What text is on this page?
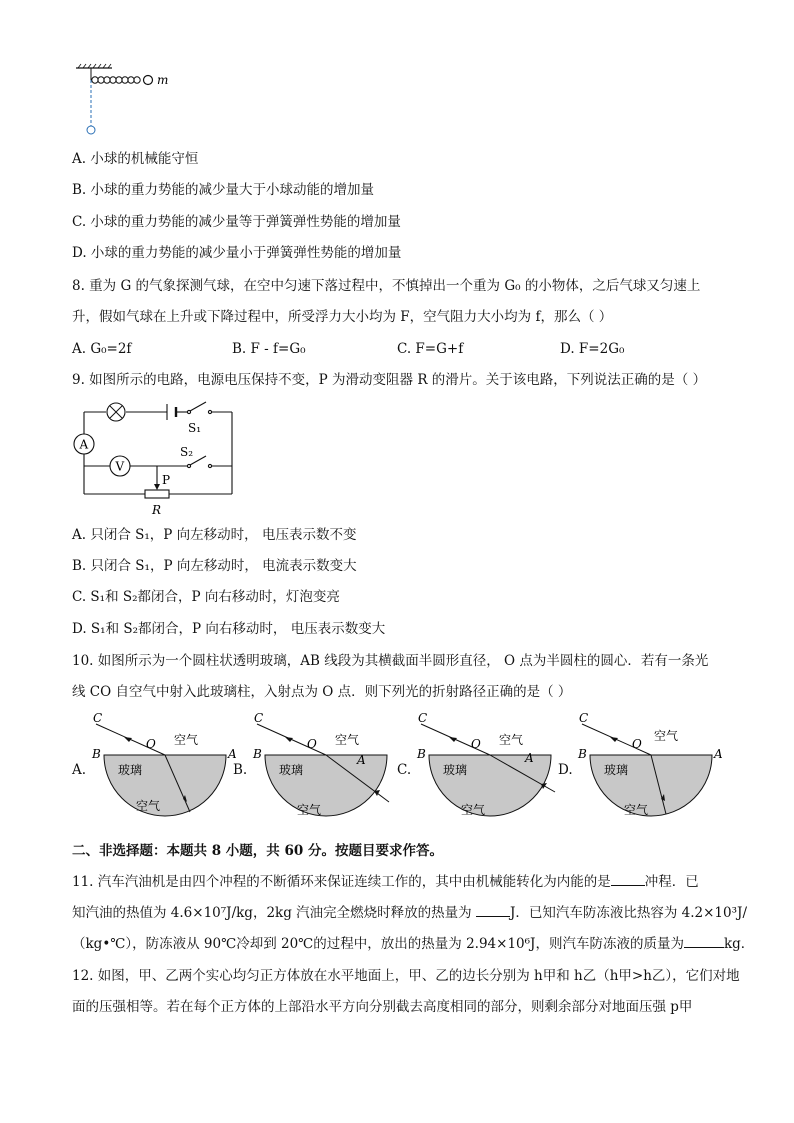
m
A. 小球的机械能守恒
B. 小球的重力势能的减少量大于小球动能的增加量
C. 小球的重力势能的减少量等于弹簧弹性势能的增加量
D. 小球的重力势能的减少量小于弹簧弹性势能的增加量
8. 重为 G 的气象探测气球，在空中匀速下落过程中，不慎掉出一个重为 G₀ 的小物体，之后气球又匀速上
升，假如气球在上升或下降过程中，所受浮力大小均为 F，空气阻力大小均为 f，那么（ ）
A. G₀=2f	B. F - f=G₀	C. F=G+f	D. F=2G₀
9. 如图所示的电路，电源电压保持不变，P 为滑动变阻器 R 的滑片。关于该电路，下列说法正确的是（ ）
S₁
A
V
S₂
P
R
A. 只闭合 S₁，P 向左移动时， 电压表示数不变
B. 只闭合 S₁，P 向左移动时， 电流表示数变大
C. S₁和 S₂都闭合，P 向右移动时，灯泡变亮
D. S₁和 S₂都闭合，P 向右移动时， 电压表示数变大
10. 如图所示为一个圆柱状透明玻璃，AB 线段为其横截面半圆形直径， O 点为半圆柱的圆心．若有一条光
线 CO 自空气中射入此玻璃柱，入射点为 O 点．则下列光的折射路径正确的是（ ）
A.
C
O
B	A
空气
玻璃
空气
B.
C
O
B	A
空气
玻璃
空气
C.
C
O
B	A
空气
玻璃
空气
D.
C
O
B	A
空气
玻璃
空气
二、非选择题：本题共 8 小题，共 60 分。按题目要求作答。
11. 汽车汽油机是由四个冲程的不断循环来保证连续工作的，其中由机械能转化为内能的是	冲程．已
知汽油的热值为 4.6×10⁷J/kg，2kg 汽油完全燃烧时释放的热量为	J．已知汽车防冻液比热容为 4.2×10³J/
（kg•℃），防冻液从 90℃冷却到 20℃的过程中，放出的热量为 2.94×10⁶J，则汽车防冻液的质量为	kg．
12. 如图，甲、乙两个实心均匀正方体放在水平地面上，甲、乙的边长分别为 h甲和 h乙（h甲>h乙），它们对地
面的压强相等。若在每个正方体的上部沿水平方向分别截去高度相同的部分，则剩余部分对地面压强 p甲
